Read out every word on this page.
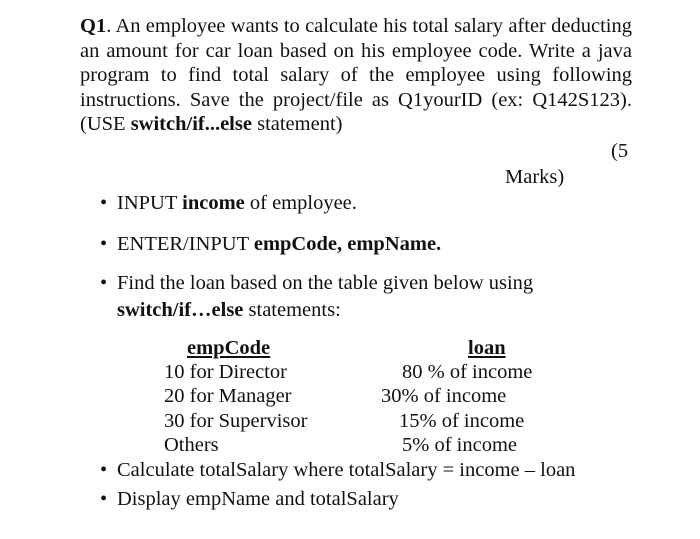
Q1. An employee wants to calculate his total salary after deducting an amount for car loan based on his employee code. Write a java program to find total salary of the employee using following instructions. Save the project/file as Q1yourID (ex: Q142S123). (USE switch/if...else statement)

(5
Marks)
• INPUT income of employee.
• ENTER/INPUT empCode, empName.
• Find the loan based on the table given below using
• Calculate totalSalary where totalSalary = income – loan
• Display empName and totalSalary
switch/if…else statements:
empCode	loan
10 for Director	80 % of income
20 for Manager	30% of income
30 for Supervisor	15% of income
Others	5% of income
